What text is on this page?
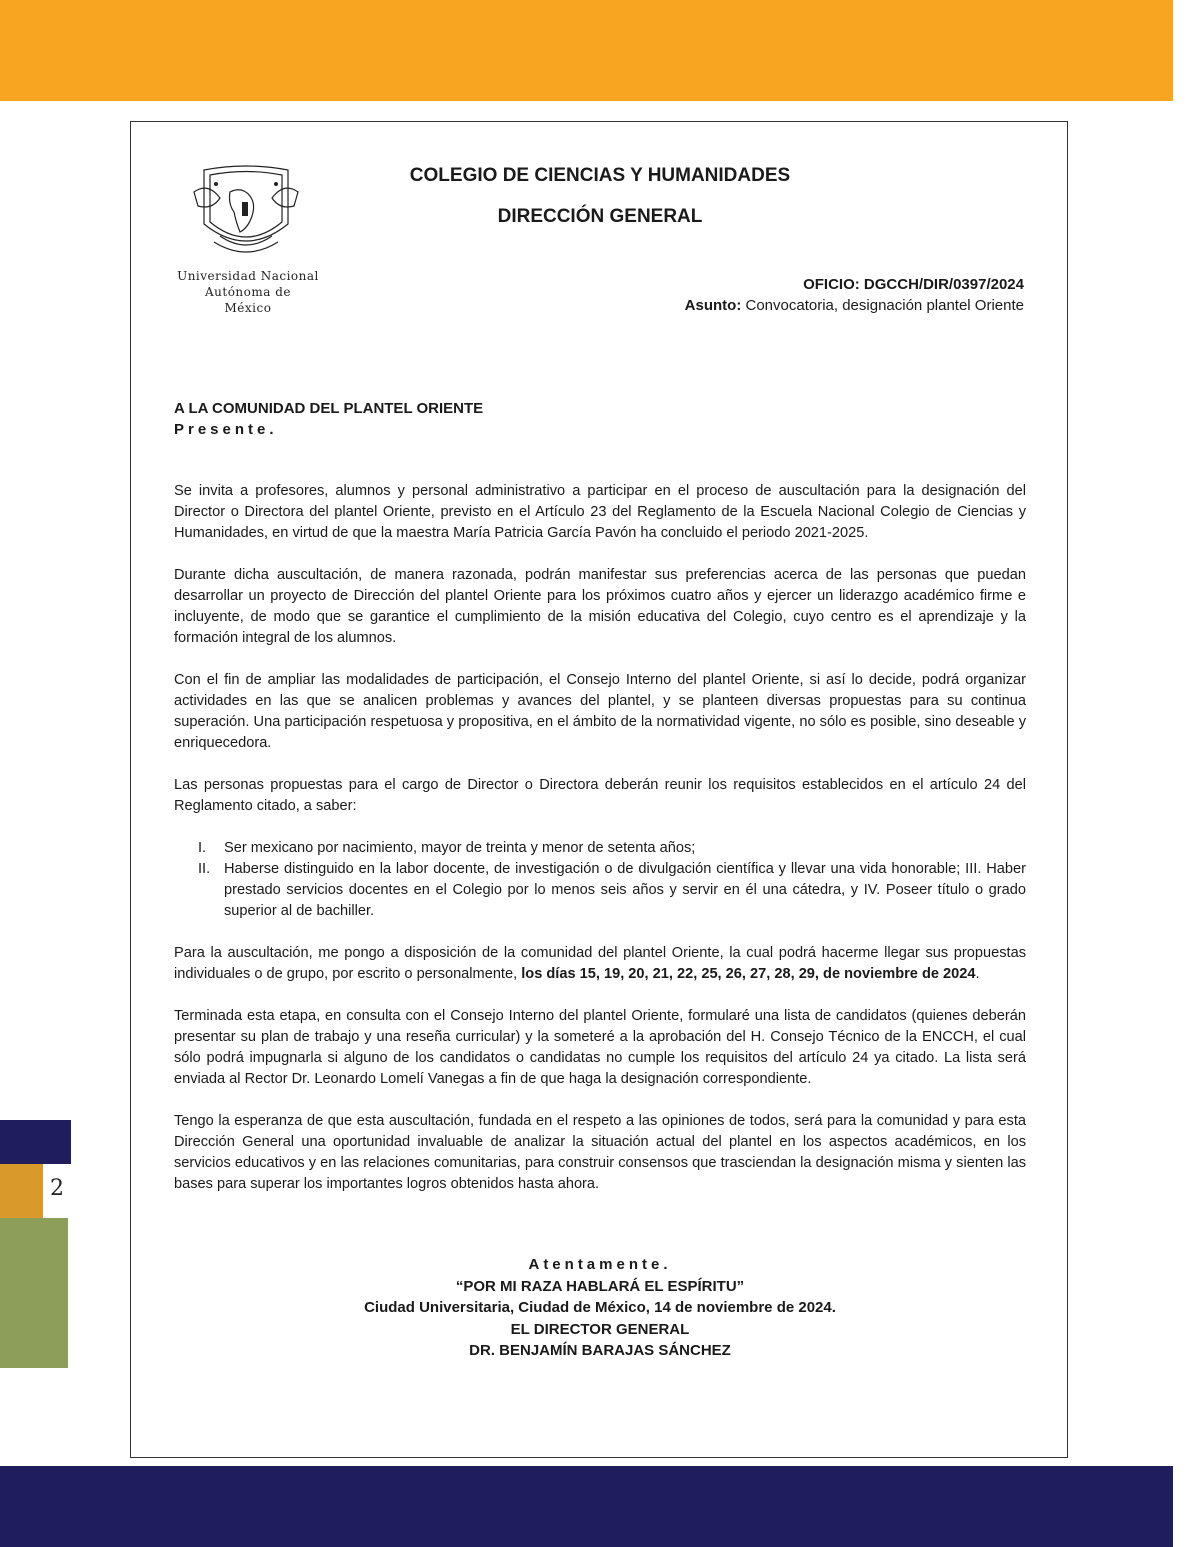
2
Universidad Nacional
Autónoma de
México
COLEGIO DE CIENCIAS Y HUMANIDADES
DIRECCIÓN GENERAL
OFICIO: DGCCH/DIR/0397/2024
Asunto: Convocatoria, designación plantel Oriente
A LA COMUNIDAD DEL PLANTEL ORIENTE
Presente.

Se invita a profesores, alumnos y personal administrativo a participar en el proceso de auscultación para la designación del Director o Directora del plantel Oriente, previsto en el Artículo 23 del Reglamento de la Escuela Nacional Colegio de Ciencias y Humanidades, en virtud de que la maestra María Patricia García Pavón ha concluido el periodo 2021-2025.

Durante dicha auscultación, de manera razonada, podrán manifestar sus preferencias acerca de las personas que puedan desarrollar un proyecto de Dirección del plantel Oriente para los próximos cuatro años y ejercer un liderazgo académico firme e incluyente, de modo que se garantice el cumplimiento de la misión educativa del Colegio, cuyo centro es el aprendizaje y la formación integral de los alumnos.

Con el fin de ampliar las modalidades de participación, el Consejo Interno del plantel Oriente, si así lo decide, podrá organizar actividades en las que se analicen problemas y avances del plantel, y se planteen diversas propuestas para su continua superación. Una participación respetuosa y propositiva, en el ámbito de la normatividad vigente, no sólo es posible, sino deseable y enriquecedora.

Las personas propuestas para el cargo de Director o Directora deberán reunir los requisitos establecidos en el artículo 24 del Reglamento citado, a saber:

I.	Ser mexicano por nacimiento, mayor de treinta y menor de setenta años;
II. Haberse distinguido en la labor docente, de investigación o de divulgación científica y llevar una vida honorable; III. Haber prestado servicios docentes en el Colegio por lo menos seis años y servir en él una cátedra, y IV. Poseer título o grado superior al de bachiller.

Para la auscultación, me pongo a disposición de la comunidad del plantel Oriente, la cual podrá hacerme llegar sus propuestas individuales o de grupo, por escrito o personalmente, los días 15, 19, 20, 21, 22, 25, 26, 27, 28, 29, de noviembre de 2024.

Terminada esta etapa, en consulta con el Consejo Interno del plantel Oriente, formularé una lista de candidatos (quienes deberán presentar su plan de trabajo y una reseña curricular) y la someteré a la aprobación del H. Consejo Técnico de la ENCCH, el cual sólo podrá impugnarla si alguno de los candidatos o candidatas no cumple los requisitos del artículo 24 ya citado. La lista será enviada al Rector Dr. Leonardo Lomelí Vanegas a fin de que haga la designación correspondiente.

Tengo la esperanza de que esta auscultación, fundada en el respeto a las opiniones de todos, será para la comunidad y para esta Dirección General una oportunidad invaluable de analizar la situación actual del plantel en los aspectos académicos, en los servicios educativos y en las relaciones comunitarias, para construir consensos que trasciendan la designación misma y sienten las bases para superar los importantes logros obtenidos hasta ahora.

Atentamente.
“POR MI RAZA HABLARÁ EL ESPÍRITU”
Ciudad Universitaria, Ciudad de México, 14 de noviembre de 2024.
EL DIRECTOR GENERAL
DR. BENJAMÍN BARAJAS SÁNCHEZ
